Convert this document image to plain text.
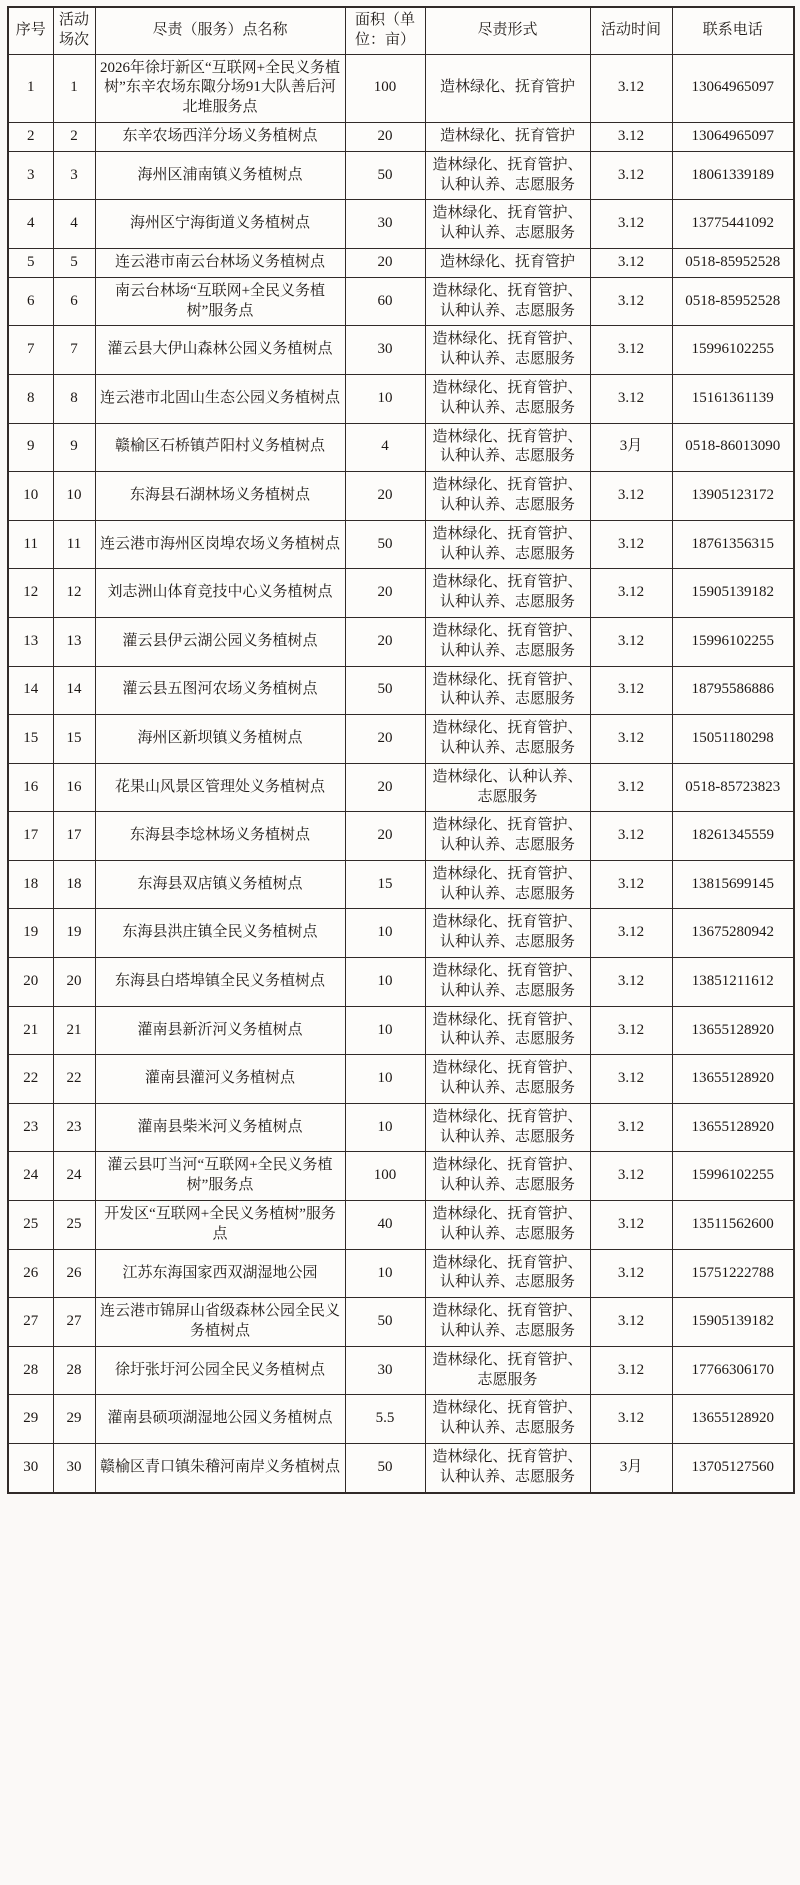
序号	活动场次	尽责（服务）点名称	面积（单位：亩）	尽责形式	活动时间	联系电话
1	1	2026年徐圩新区“互联网+全民义务植树”东辛农场东陬分场91大队善后河北堆服务点	100	造林绿化、抚育管护	3.12	13064965097
2	2	东辛农场西洋分场义务植树点	20	造林绿化、抚育管护	3.12	13064965097
3	3	海州区浦南镇义务植树点	50	造林绿化、抚育管护、认种认养、志愿服务	3.12	18061339189
4	4	海州区宁海街道义务植树点	30	造林绿化、抚育管护、认种认养、志愿服务	3.12	13775441092
5	5	连云港市南云台林场义务植树点	20	造林绿化、抚育管护	3.12	0518-85952528
6	6	南云台林场“互联网+全民义务植树”服务点	60	造林绿化、抚育管护、认种认养、志愿服务	3.12	0518-85952528
7	7	灌云县大伊山森林公园义务植树点	30	造林绿化、抚育管护、认种认养、志愿服务	3.12	15996102255
8	8	连云港市北固山生态公园义务植树点	10	造林绿化、抚育管护、认种认养、志愿服务	3.12	15161361139
9	9	赣榆区石桥镇芦阳村义务植树点	4	造林绿化、抚育管护、认种认养、志愿服务	3月	0518-86013090
10	10	东海县石湖林场义务植树点	20	造林绿化、抚育管护、认种认养、志愿服务	3.12	13905123172
11	11	连云港市海州区岗埠农场义务植树点	50	造林绿化、抚育管护、认种认养、志愿服务	3.12	18761356315
12	12	刘志洲山体育竞技中心义务植树点	20	造林绿化、抚育管护、认种认养、志愿服务	3.12	15905139182
13	13	灌云县伊云湖公园义务植树点	20	造林绿化、抚育管护、认种认养、志愿服务	3.12	15996102255
14	14	灌云县五图河农场义务植树点	50	造林绿化、抚育管护、认种认养、志愿服务	3.12	18795586886
15	15	海州区新坝镇义务植树点	20	造林绿化、抚育管护、认种认养、志愿服务	3.12	15051180298
16	16	花果山风景区管理处义务植树点	20	造林绿化、认种认养、志愿服务	3.12	0518-85723823
17	17	东海县李埝林场义务植树点	20	造林绿化、抚育管护、认种认养、志愿服务	3.12	18261345559
18	18	东海县双店镇义务植树点	15	造林绿化、抚育管护、认种认养、志愿服务	3.12	13815699145
19	19	东海县洪庄镇全民义务植树点	10	造林绿化、抚育管护、认种认养、志愿服务	3.12	13675280942
20	20	东海县白塔埠镇全民义务植树点	10	造林绿化、抚育管护、认种认养、志愿服务	3.12	13851211612
21	21	灌南县新沂河义务植树点	10	造林绿化、抚育管护、认种认养、志愿服务	3.12	13655128920
22	22	灌南县灌河义务植树点	10	造林绿化、抚育管护、认种认养、志愿服务	3.12	13655128920
23	23	灌南县柴米河义务植树点	10	造林绿化、抚育管护、认种认养、志愿服务	3.12	13655128920
24	24	灌云县叮当河“互联网+全民义务植树”服务点	100	造林绿化、抚育管护、认种认养、志愿服务	3.12	15996102255
25	25	开发区“互联网+全民义务植树”服务点	40	造林绿化、抚育管护、认种认养、志愿服务	3.12	13511562600
26	26	江苏东海国家西双湖湿地公园	10	造林绿化、抚育管护、认种认养、志愿服务	3.12	15751222788
27	27	连云港市锦屏山省级森林公园全民义务植树点	50	造林绿化、抚育管护、认种认养、志愿服务	3.12	15905139182
28	28	徐圩张圩河公园全民义务植树点	30	造林绿化、抚育管护、志愿服务	3.12	17766306170
29	29	灌南县硕项湖湿地公园义务植树点	5.5	造林绿化、抚育管护、认种认养、志愿服务	3.12	13655128920
30	30	赣榆区青口镇朱稽河南岸义务植树点	50	造林绿化、抚育管护、认种认养、志愿服务	3月	13705127560
